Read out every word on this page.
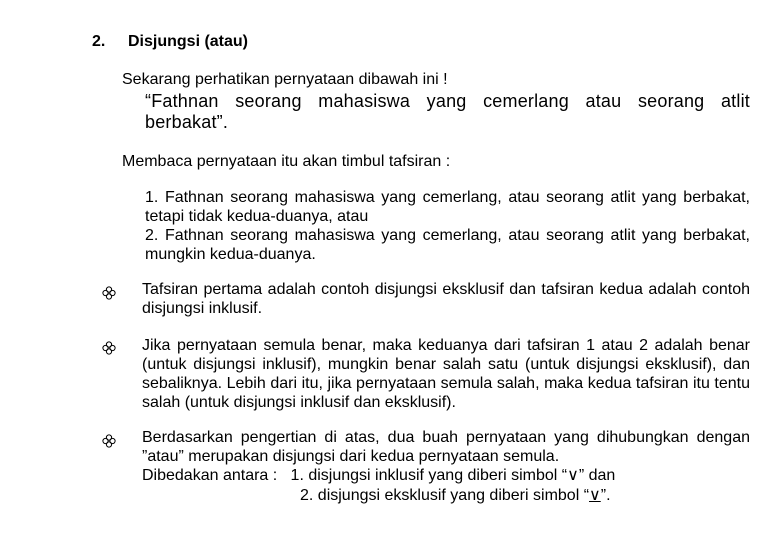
2. Disjungsi (atau)
Sekarang perhatikan pernyataan dibawah ini !
“Fathnan seorang mahasiswa yang cemerlang atau seorang atlit berbakat”.
Membaca pernyataan itu akan timbul tafsiran :
1. Fathnan seorang mahasiswa yang cemerlang, atau seorang atlit yang berbakat, tetapi tidak kedua-duanya, atau
2. Fathnan seorang mahasiswa yang cemerlang, atau seorang atlit yang berbakat, mungkin kedua-duanya.
Tafsiran pertama adalah contoh disjungsi eksklusif dan tafsiran kedua adalah contoh disjungsi inklusif.
Jika pernyataan semula benar, maka keduanya dari tafsiran 1 atau 2 adalah benar (untuk disjungsi inklusif), mungkin benar salah satu (untuk disjungsi eksklusif), dan sebaliknya. Lebih dari itu, jika pernyataan semula salah, maka kedua tafsiran itu tentu salah (untuk disjungsi inklusif dan eksklusif).
Berdasarkan pengertian di atas, dua buah pernyataan yang dihubungkan dengan ”atau” merupakan disjungsi dari kedua pernyataan semula.
Dibedakan antara : 1. disjungsi inklusif yang diberi simbol “∨” dan
2. disjungsi eksklusif yang diberi simbol “∨”.
